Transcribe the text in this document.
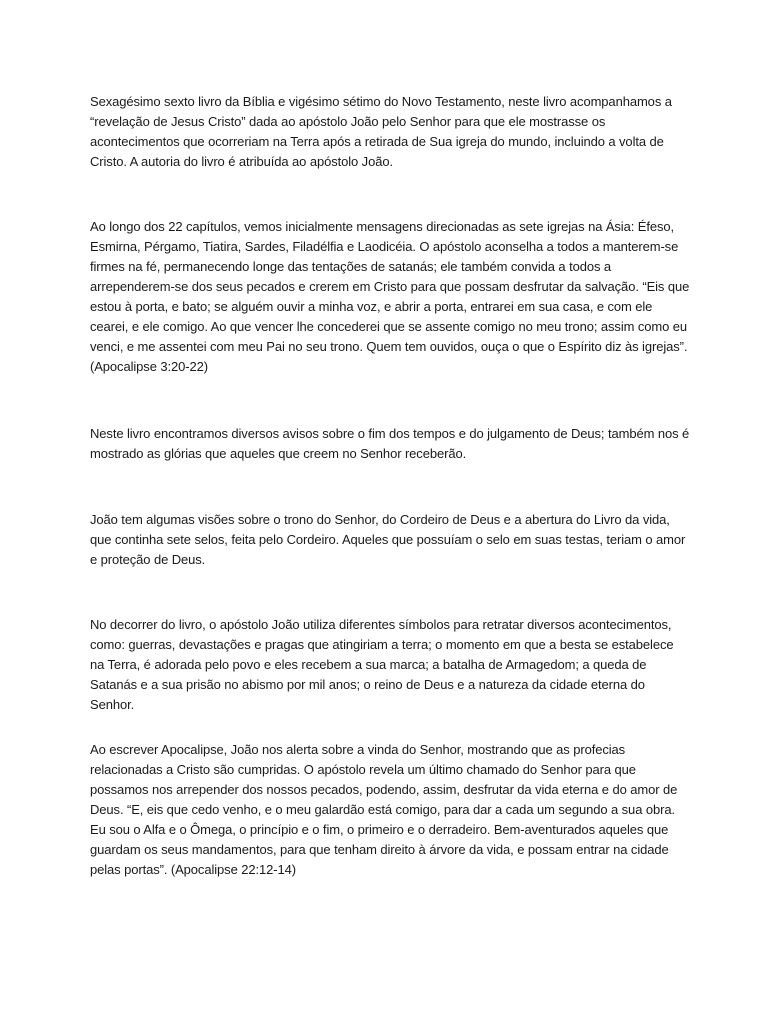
Sexagésimo sexto livro da Bíblia e vigésimo sétimo do Novo Testamento, neste livro acompanhamos a “revelação de Jesus Cristo” dada ao apóstolo João pelo Senhor para que ele mostrasse os acontecimentos que ocorreriam na Terra após a retirada de Sua igreja do mundo, incluindo a volta de Cristo. A autoria do livro é atribuída ao apóstolo João.

Ao longo dos 22 capítulos, vemos inicialmente mensagens direcionadas as sete igrejas na Ásia: Éfeso, Esmirna, Pérgamo, Tiatira, Sardes, Filadélfia e Laodicéia. O apóstolo aconselha a todos a manterem-se firmes na fé, permanecendo longe das tentações de satanás; ele também convida a todos a arrependerem-se dos seus pecados e crerem em Cristo para que possam desfrutar da salvação. “Eis que estou à porta, e bato; se alguém ouvir a minha voz, e abrir a porta, entrarei em sua casa, e com ele cearei, e ele comigo. Ao que vencer lhe concederei que se assente comigo no meu trono; assim como eu venci, e me assentei com meu Pai no seu trono. Quem tem ouvidos, ouça o que o Espírito diz às igrejas”. (Apocalipse 3:20-22)

Neste livro encontramos diversos avisos sobre o fim dos tempos e do julgamento de Deus; também nos é mostrado as glórias que aqueles que creem no Senhor receberão.

João tem algumas visões sobre o trono do Senhor, do Cordeiro de Deus e a abertura do Livro da vida, que continha sete selos, feita pelo Cordeiro. Aqueles que possuíam o selo em suas testas, teriam o amor e proteção de Deus.

No decorrer do livro, o apóstolo João utiliza diferentes símbolos para retratar diversos acontecimentos, como: guerras, devastações e pragas que atingiriam a terra; o momento em que a besta se estabelece na Terra, é adorada pelo povo e eles recebem a sua marca; a batalha de Armagedom; a queda de Satanás e a sua prisão no abismo por mil anos; o reino de Deus e a natureza da cidade eterna do Senhor.

Ao escrever Apocalipse, João nos alerta sobre a vinda do Senhor, mostrando que as profecias relacionadas a Cristo são cumpridas. O apóstolo revela um último chamado do Senhor para que possamos nos arrepender dos nossos pecados, podendo, assim, desfrutar da vida eterna e do amor de Deus. “E, eis que cedo venho, e o meu galardão está comigo, para dar a cada um segundo a sua obra. Eu sou o Alfa e o Ômega, o princípio e o fim, o primeiro e o derradeiro. Bem-aventurados aqueles que guardam os seus mandamentos, para que tenham direito à árvore da vida, e possam entrar na cidade pelas portas”. (Apocalipse 22:12-14)
